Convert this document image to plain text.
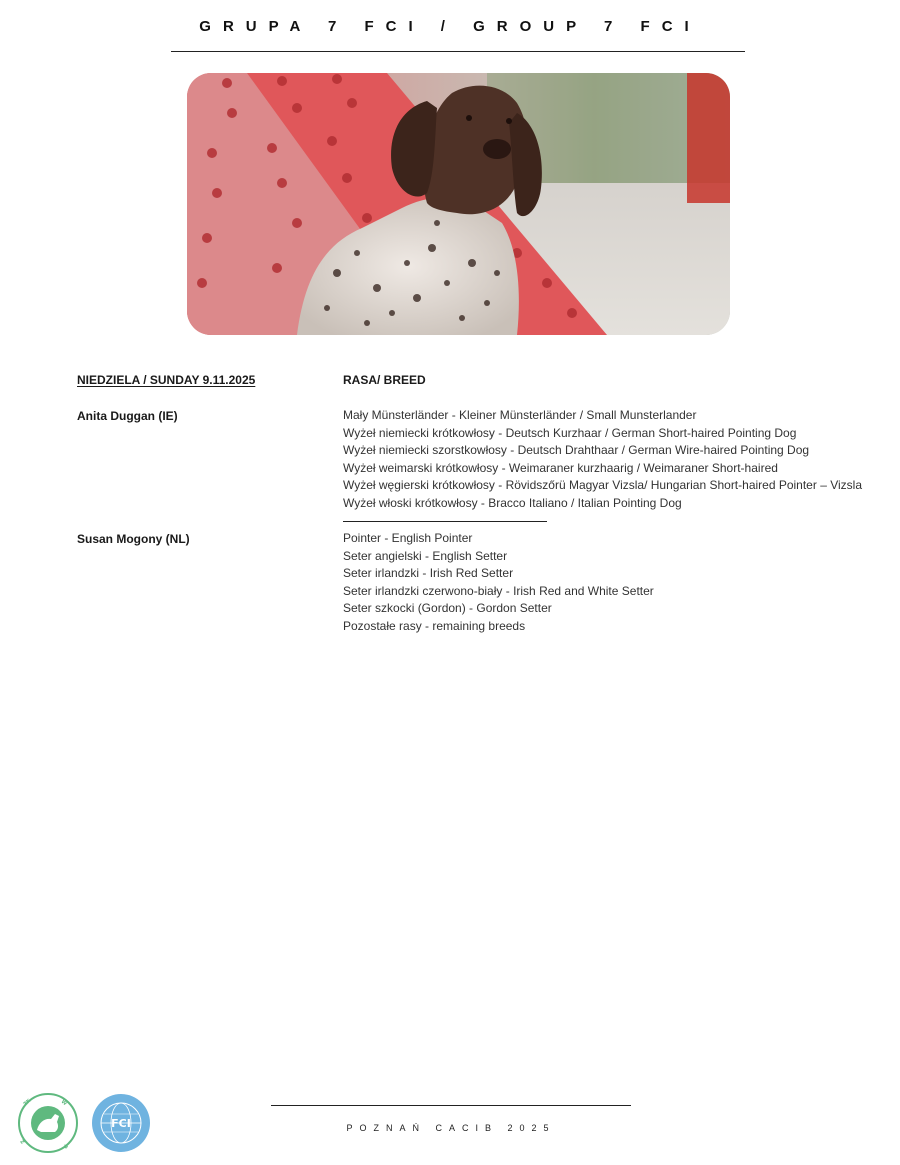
GRUPA 7 FCI / GROUP 7 FCI
NIEDZIELA / SUNDAY 9.11.2025	RASA/ BREED
Anita Duggan (IE)	Mały Münsterländer - Kleiner Münsterländer / Small Munsterlander
Wyżeł niemiecki krótkowłosy - Deutsch Kurzhaar / German Short-haired Pointing Dog
Wyżeł niemiecki szorstkowłosy - Deutsch Drahthaar / German Wire-haired Pointing Dog
Wyżeł weimarski krótkowłosy - Weimaraner kurzhaarig / Weimaraner Short-haired
Wyżeł węgierski krótkowłosy - Rövidszőrü Magyar Vizsla/ Hungarian Short-haired Pointer – Vizsla
Wyżeł włoski krótkowłosy - Bracco Italiano / Italian Pointing Dog
Susan Mogony (NL)	Pointer - English Pointer
Seter angielski - English Setter
Seter irlandzki - Irish Red Setter
Seter irlandzki czerwono-biały - Irish Red and White Setter
Seter szkocki (Gordon) - Gordon Setter
Pozostałe rasy - remaining breeds
ZK	W
P
Z
FCI	POZNAŃ CACIB 2025
